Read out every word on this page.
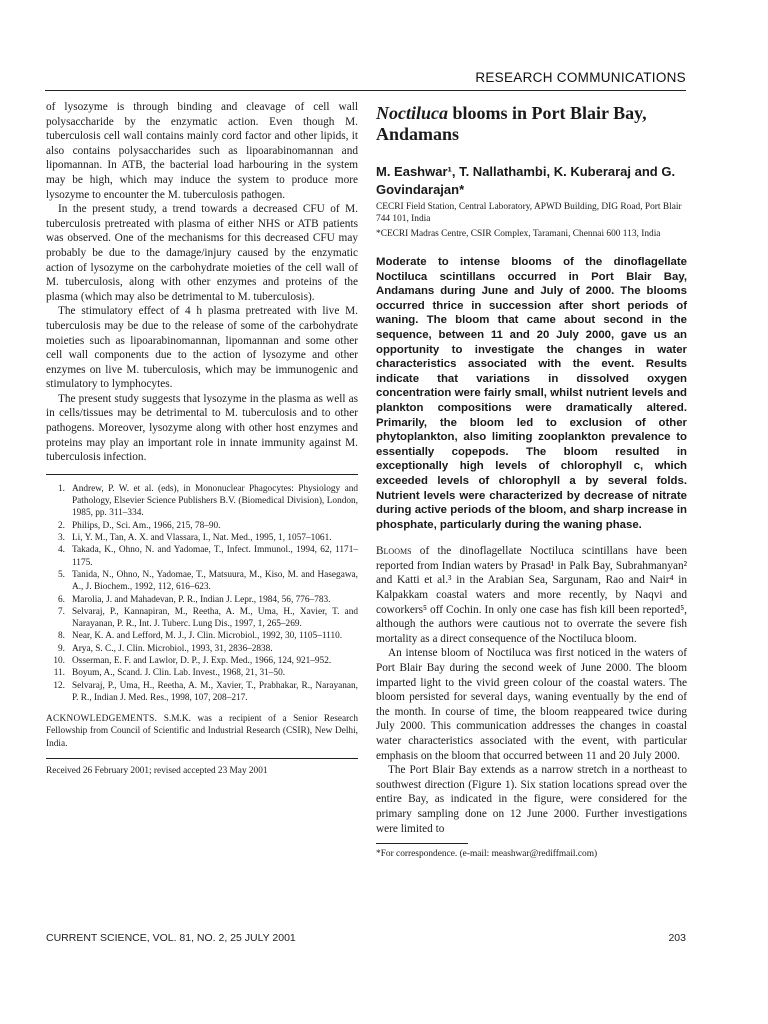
RESEARCH COMMUNICATIONS

of lysozyme is through binding and cleavage of cell wall polysaccharide by the enzymatic action. Even though M. tuberculosis cell wall contains mainly cord factor and other lipids, it also contains polysaccharides such as lipoarabinomannan and lipomannan. In ATB, the bacterial load harbouring in the system may be high, which may induce the system to produce more lysozyme to encounter the M. tuberculosis pathogen.

In the present study, a trend towards a decreased CFU of M. tuberculosis pretreated with plasma of either NHS or ATB patients was observed. One of the mechanisms for this decreased CFU may probably be due to the damage/injury caused by the enzymatic action of lysozyme on the carbohydrate moieties of the cell wall of M. tuberculosis, along with other enzymes and proteins of the plasma (which may also be detrimental to M. tuberculosis).

The stimulatory effect of 4 h plasma pretreated with live M. tuberculosis may be due to the release of some of the carbohydrate moieties such as lipoarabinomannan, lipomannan and some other cell wall components due to the action of lysozyme and other enzymes on live M. tuberculosis, which may be immunogenic and stimulatory to lymphocytes.

The present study suggests that lysozyme in the plasma as well as in cells/tissues may be detrimental to M. tuberculosis and to other pathogens. Moreover, lysozyme along with other host enzymes and proteins may play an important role in innate immunity against M. tuberculosis infection.

1. Andrew, P. W. et al. (eds), in Mononuclear Phagocytes: Physiology and Pathology, Elsevier Science Publishers B.V. (Biomedical Division), London, 1985, pp. 311–334.
2. Philips, D., Sci. Am., 1966, 215, 78–90.
3. Li, Y. M., Tan, A. X. and Vlassara, I., Nat. Med., 1995, 1, 1057–1061.
4. Takada, K., Ohno, N. and Yadomae, T., Infect. Immunol., 1994, 62, 1171–1175.
5. Tanida, N., Ohno, N., Yadomae, T., Matsuura, M., Kiso, M. and Hasegawa, A., J. Biochem., 1992, 112, 616–623.
6. Marolia, J. and Mahadevan, P. R., Indian J. Lepr., 1984, 56, 776–783.
7. Selvaraj, P., Kannapiran, M., Reetha, A. M., Uma, H., Xavier, T. and Narayanan, P. R., Int. J. Tuberc. Lung Dis., 1997, 1, 265–269.
8. Near, K. A. and Lefford, M. J., J. Clin. Microbiol., 1992, 30, 1105–1110.
9. Arya, S. C., J. Clin. Microbiol., 1993, 31, 2836–2838.
10. Osserman, E. F. and Lawlor, D. P., J. Exp. Med., 1966, 124, 921–952.
11. Boyum, A., Scand. J. Clin. Lab. Invest., 1968, 21, 31–50.
12. Selvaraj, P., Uma, H., Reetha, A. M., Xavier, T., Prabhakar, R., Narayanan, P. R., Indian J. Med. Res., 1998, 107, 208–217.

ACKNOWLEDGEMENTS. S.M.K. was a recipient of a Senior Research Fellowship from Council of Scientific and Industrial Research (CSIR), New Delhi, India.

Received 26 February 2001; revised accepted 23 May 2001

Noctiluca blooms in Port Blair Bay, Andamans
M. Eashwar¹, T. Nallathambi, K. Kuberaraj and G. Govindarajan*
CECRI Field Station, Central Laboratory, APWD Building, DIG Road, Port Blair 744 101, India
*CECRI Madras Centre, CSIR Complex, Taramani, Chennai 600 113, India

Moderate to intense blooms of the dinoflagellate Noctiluca scintillans occurred in Port Blair Bay, Andamans during June and July of 2000. The blooms occurred thrice in succession after short periods of waning. The bloom that came about second in the sequence, between 11 and 20 July 2000, gave us an opportunity to investigate the changes in water characteristics associated with the event. Results indicate that variations in dissolved oxygen concentration were fairly small, whilst nutrient levels and plankton compositions were dramatically altered. Primarily, the bloom led to exclusion of other phytoplankton, also limiting zooplankton prevalence to essentially copepods. The bloom resulted in exceptionally high levels of chlorophyll c, which exceeded levels of chlorophyll a by several folds. Nutrient levels were characterized by decrease of nitrate during active periods of the bloom, and sharp increase in phosphate, particularly during the waning phase.

Blooms of the dinoflagellate Noctiluca scintillans have been reported from Indian waters by Prasad¹ in Palk Bay, Subrahmanyan² and Katti et al.³ in the Arabian Sea, Sargunam, Rao and Nair⁴ in Kalpakkam coastal waters and more recently, by Naqvi and coworkers⁵ off Cochin. In only one case has fish kill been reported⁵, although the authors were cautious not to overrate the severe fish mortality as a direct consequence of the Noctiluca bloom.

An intense bloom of Noctiluca was first noticed in the waters of Port Blair Bay during the second week of June 2000. The bloom imparted light to the vivid green colour of the coastal waters. The bloom persisted for several days, waning eventually by the end of the month. In course of time, the bloom reappeared twice during July 2000. This communication addresses the changes in coastal water characteristics associated with the event, with particular emphasis on the bloom that occurred between 11 and 20 July 2000.

The Port Blair Bay extends as a narrow stretch in a northeast to southwest direction (Figure 1). Six station locations spread over the entire Bay, as indicated in the figure, were considered for the primary sampling done on 12 June 2000. Further investigations were limited to

*For correspondence. (e-mail: meashwar@rediffmail.com)
CURRENT SCIENCE, VOL. 81, NO. 2, 25 JULY 2001	203
